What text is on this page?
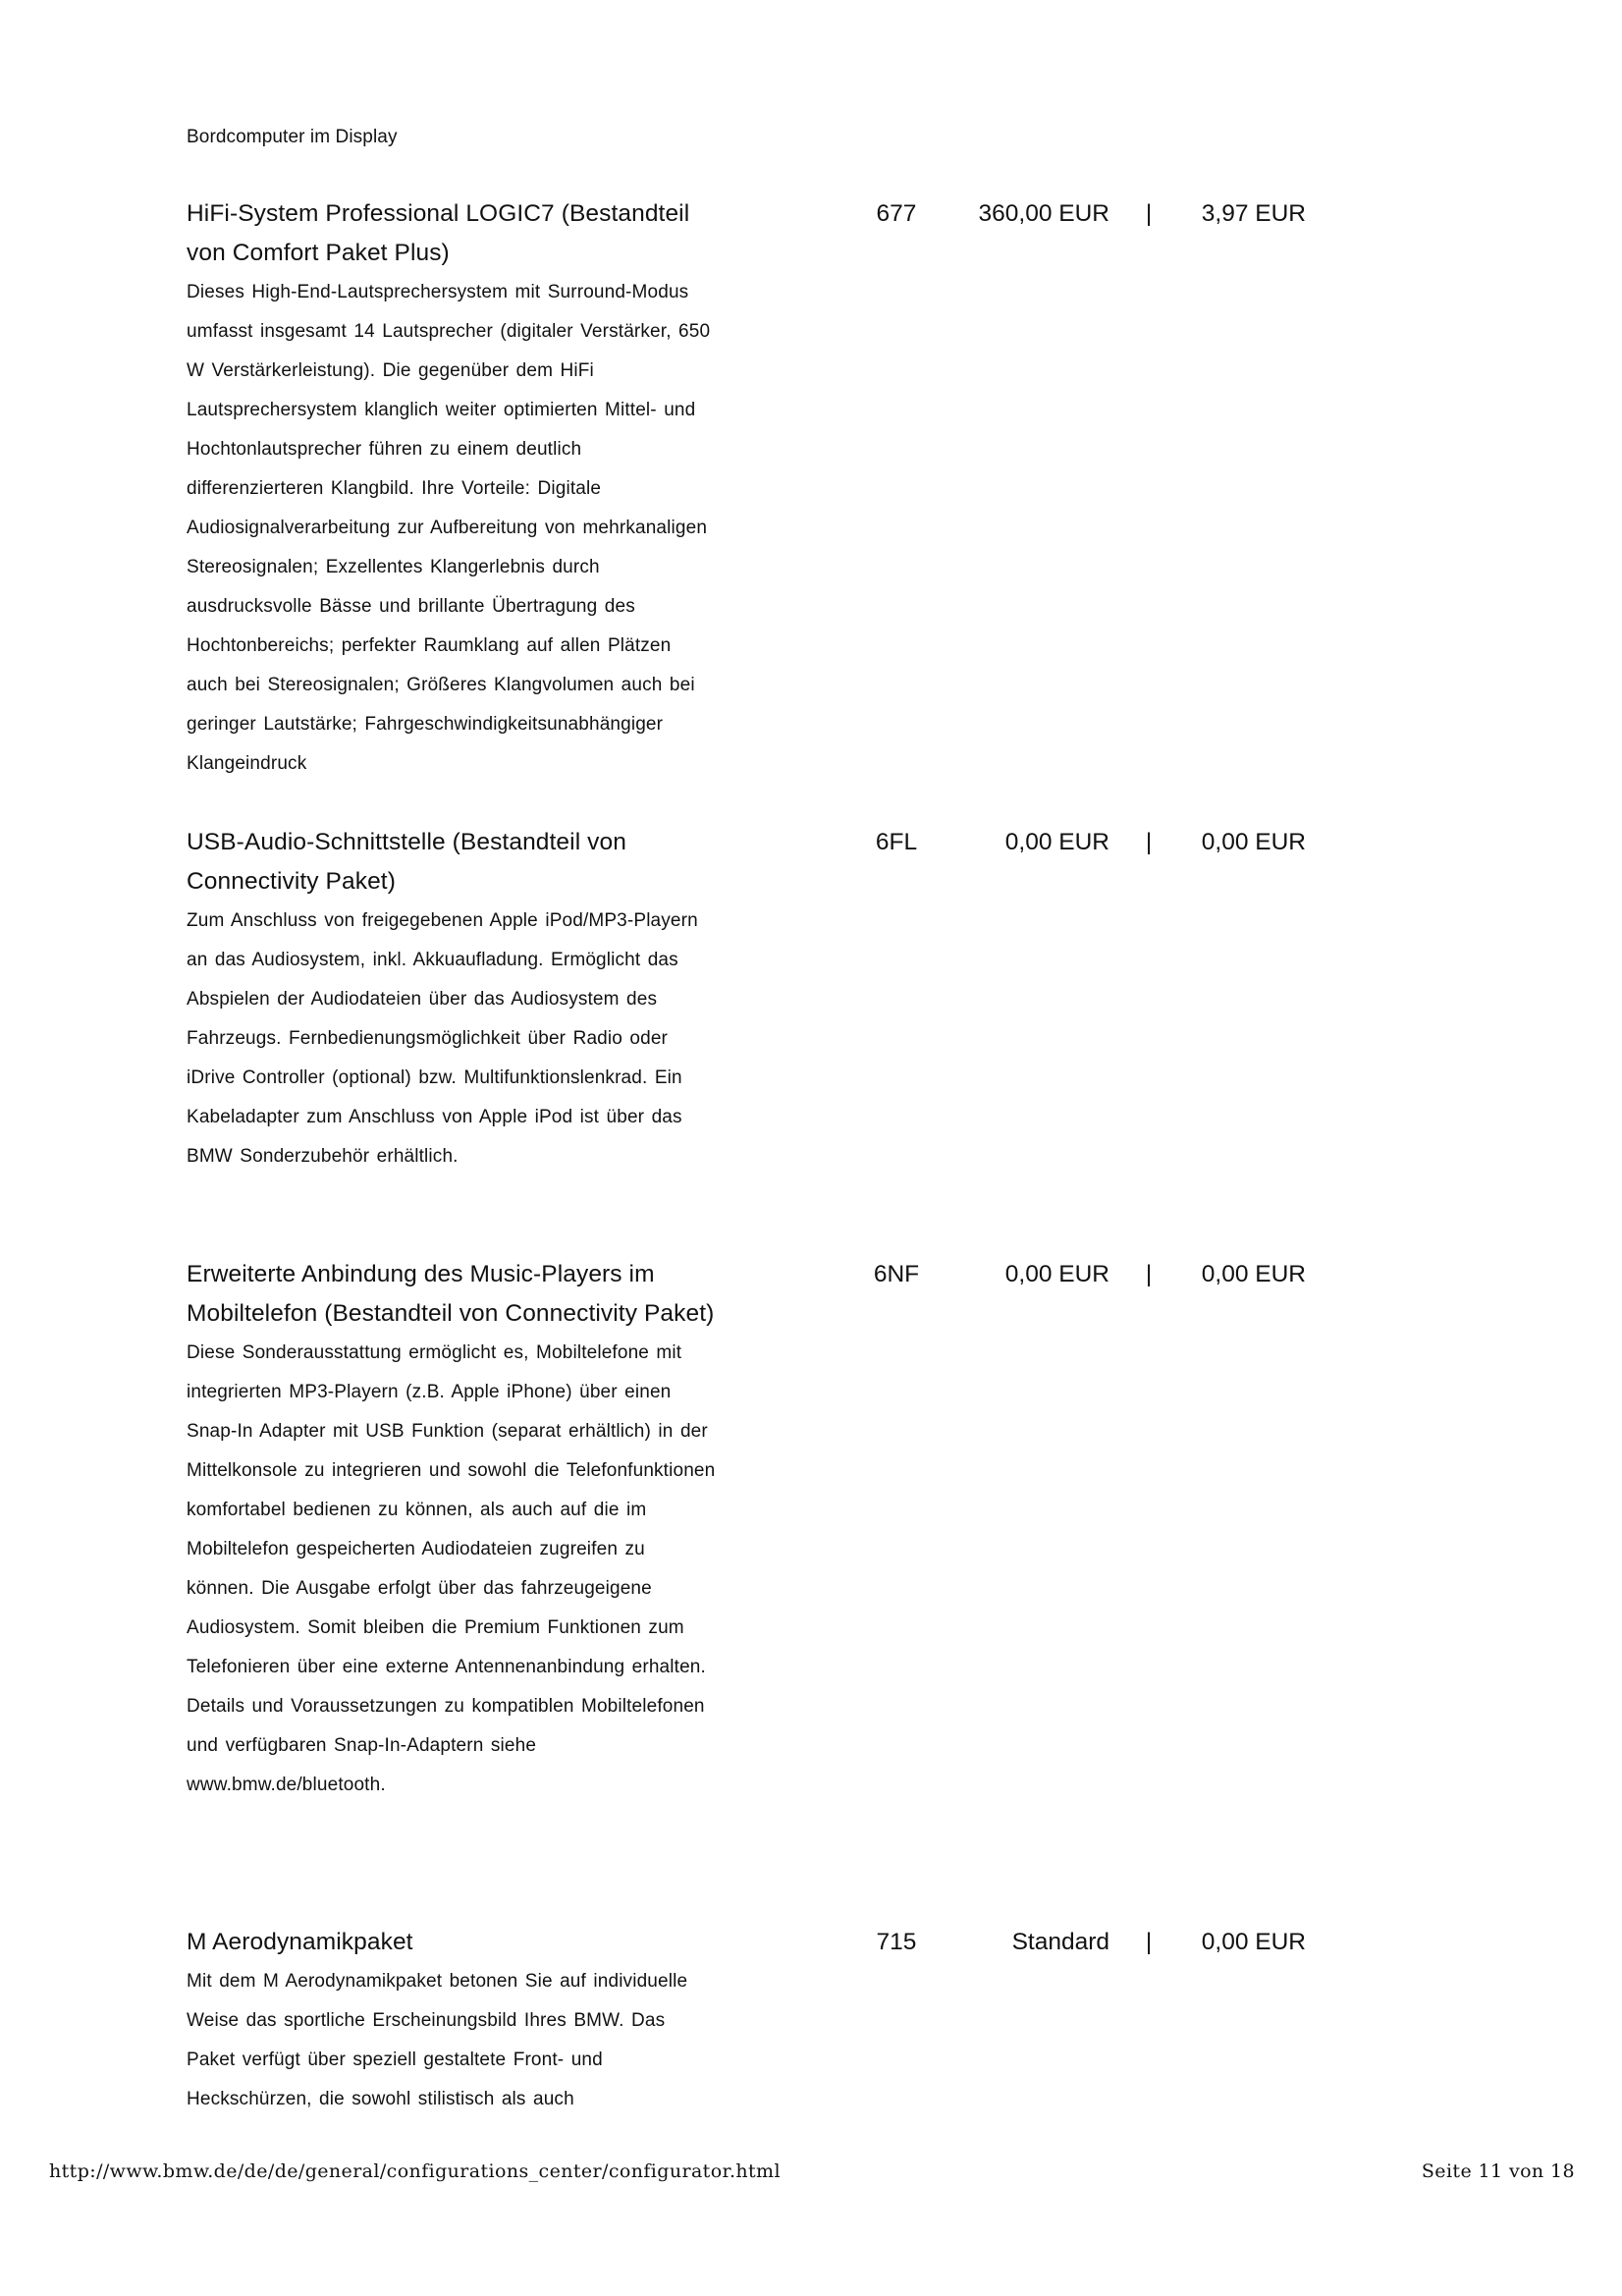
Bordcomputer im Display
HiFi-System Professional LOGIC7 (Bestandteil von Comfort Paket Plus)
Dieses High-End-Lautsprechersystem mit Surround-Modus umfasst insgesamt 14 Lautsprecher (digitaler Verstärker, 650 W Verstärkerleistung). Die gegenüber dem HiFi Lautsprechersystem klanglich weiter optimierten Mittel- und Hochtonlautsprecher führen zu einem deutlich differenzierteren Klangbild. Ihre Vorteile: Digitale Audiosignalverarbeitung zur Aufbereitung von mehrkanaligen Stereosignalen; Exzellentes Klangerlebnis durch ausdrucksvolle Bässe und brillante Übertragung des Hochtonbereichs; perfekter Raumklang auf allen Plätzen auch bei Stereosignalen; Größeres Klangvolumen auch bei geringer Lautstärke; Fahrgeschwindigkeitsunabhängiger Klangeindruck
677	360,00 EUR |	3,97 EUR
USB-Audio-Schnittstelle (Bestandteil von Connectivity Paket)
Zum Anschluss von freigegebenen Apple iPod/MP3-Playern an das Audiosystem, inkl. Akkuaufladung. Ermöglicht das Abspielen der Audiodateien über das Audiosystem des Fahrzeugs. Fernbedienungsmöglichkeit über Radio oder iDrive Controller (optional) bzw. Multifunktionslenkrad. Ein Kabeladapter zum Anschluss von Apple iPod ist über das BMW Sonderzubehör erhältlich.
6FL	0,00 EUR |	0,00 EUR
Erweiterte Anbindung des Music-Players im Mobiltelefon (Bestandteil von Connectivity Paket)
Diese Sonderausstattung ermöglicht es, Mobiltelefone mit integrierten MP3-Playern (z.B. Apple iPhone) über einen Snap-In Adapter mit USB Funktion (separat erhältlich) in der Mittelkonsole zu integrieren und sowohl die Telefonfunktionen komfortabel bedienen zu können, als auch auf die im Mobiltelefon gespeicherten Audiodateien zugreifen zu können. Die Ausgabe erfolgt über das fahrzeugeigene Audiosystem. Somit bleiben die Premium Funktionen zum Telefonieren über eine externe Antennenanbindung erhalten. Details und Voraussetzungen zu kompatiblen Mobiltelefonen und verfügbaren Snap-In-Adaptern siehe www.bmw.de/bluetooth.
6NF	0,00 EUR |	0,00 EUR
M Aerodynamikpaket
Mit dem M Aerodynamikpaket betonen Sie auf individuelle Weise das sportliche Erscheinungsbild Ihres BMW. Das Paket verfügt über speziell gestaltete Front- und Heckschürzen, die sowohl stilistisch als auch
715	Standard |	0,00 EUR
http://www.bmw.de/de/de/general/configurations_center/configurator.html	Seite 11 von 18
